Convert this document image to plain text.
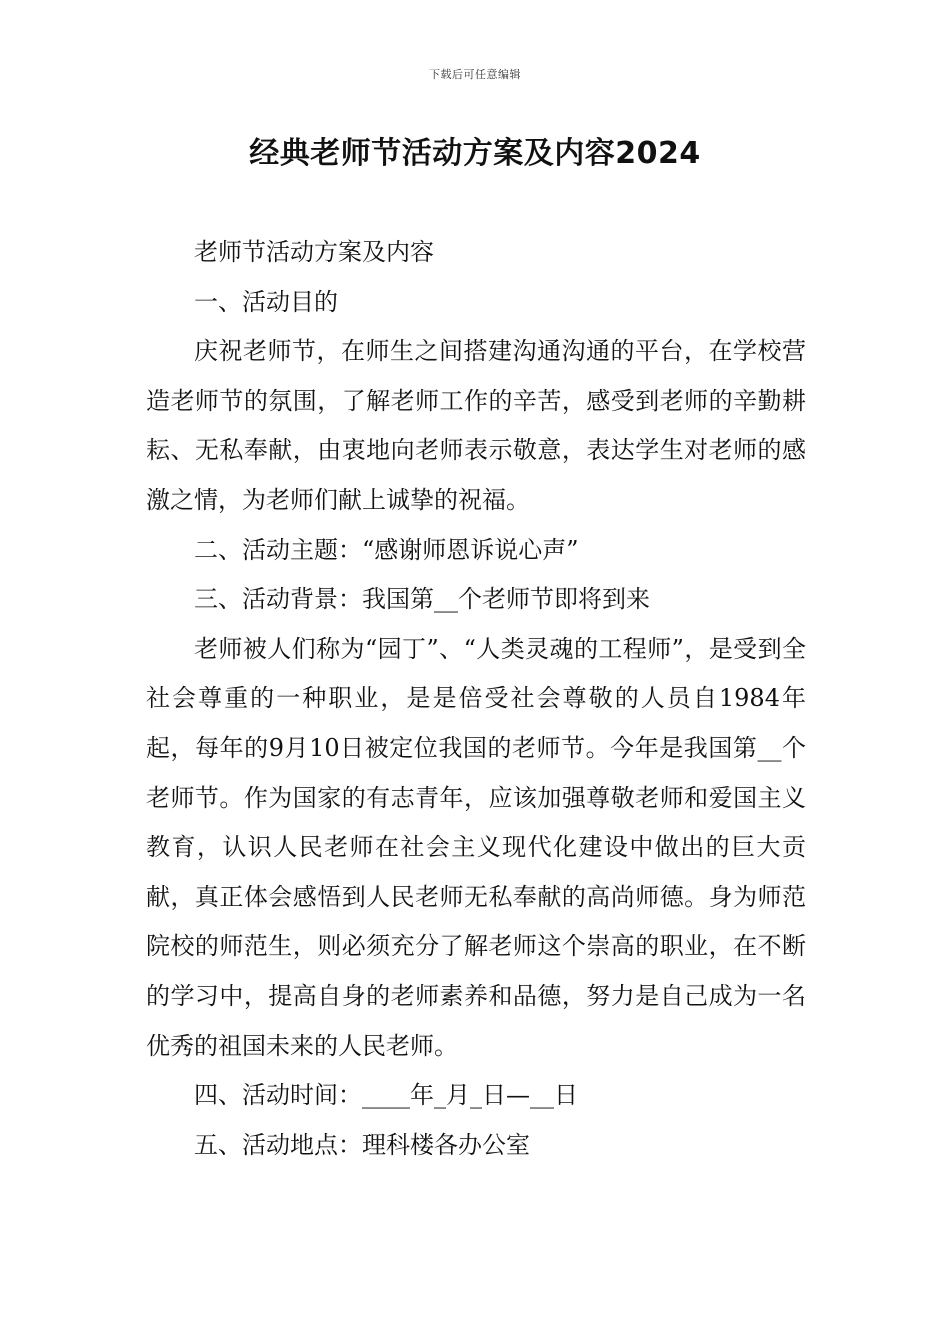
下载后可任意编辑
经典老师节活动方案及内容2024

老师节活动方案及内容

一、活动目的

庆祝老师节，在师生之间搭建沟通沟通的平台，在学校营造老师节的氛围，了解老师工作的辛苦，感受到老师的辛勤耕耘、无私奉献，由衷地向老师表示敬意，表达学生对老师的感激之情，为老师们献上诚挚的祝福。

二、活动主题：“感谢师恩诉说心声”

三、活动背景：我国第__个老师节即将到来

老师被人们称为“园丁”、“人类灵魂的工程师”，是受到全社会尊重的一种职业，是是倍受社会尊敬的人员自1984年起，每年的9月10日被定位我国的老师节。今年是我国第__个老师节。作为国家的有志青年，应该加强尊敬老师和爱国主义教育，认识人民老师在社会主义现代化建设中做出的巨大贡献，真正体会感悟到人民老师无私奉献的高尚师德。身为师范院校的师范生，则必须充分了解老师这个崇高的职业，在不断的学习中，提高自身的老师素养和品德，努力是自己成为一名优秀的祖国未来的人民老师。

四、活动时间：____年_月_日—__日

五、活动地点：理科楼各办公室
